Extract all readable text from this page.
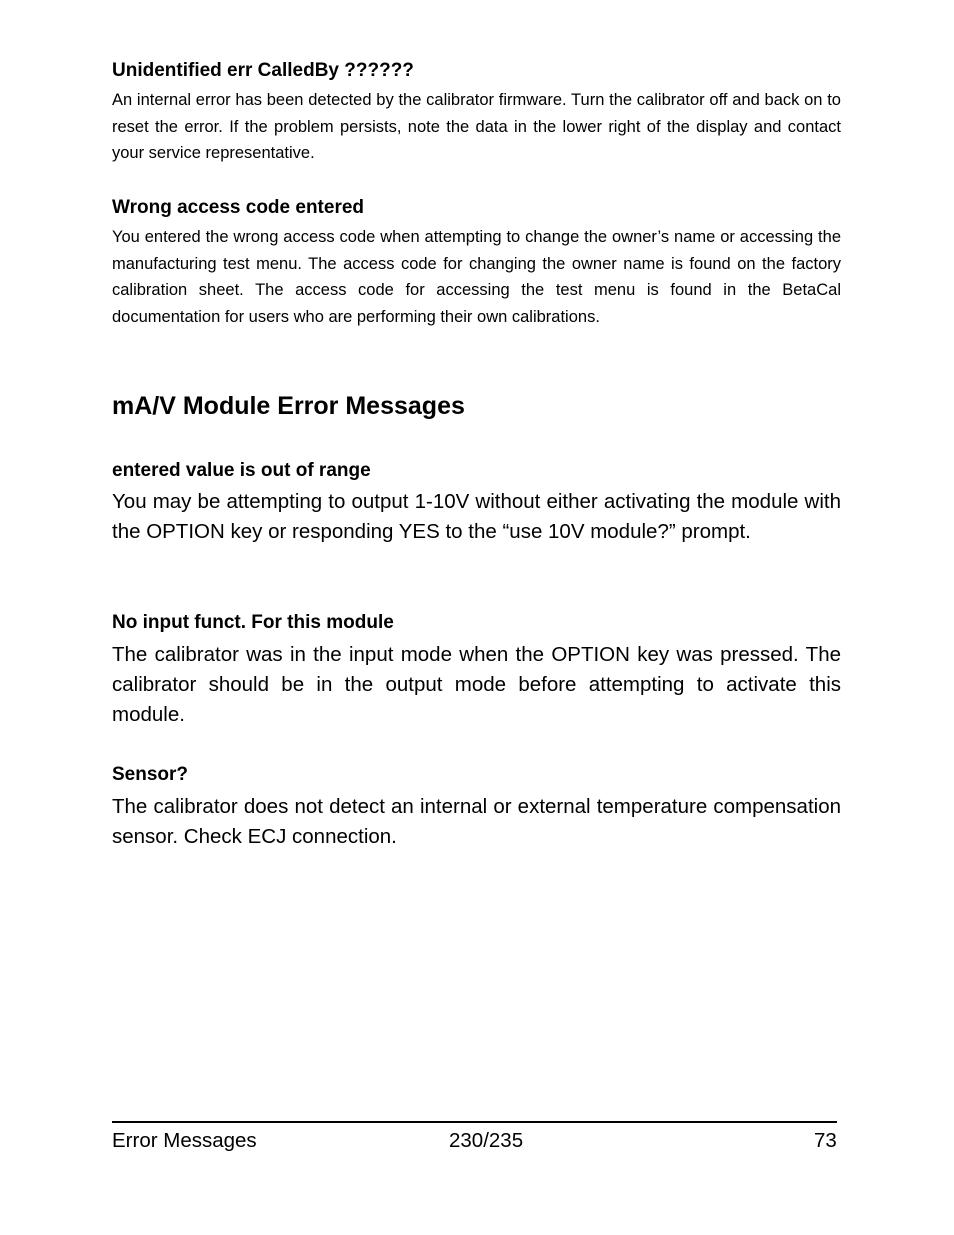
Unidentified err CalledBy ??????

An internal error has been detected by the calibrator firmware. Turn the calibrator off and back on to reset the error. If the problem persists, note the data in the lower right of the display and contact your service representative.

Wrong access code entered

You entered the wrong access code when attempting to change the owner’s name or accessing the manufacturing test menu. The access code for changing the owner name is found on the factory calibration sheet. The access code for accessing the test menu is found in the BetaCal documentation for users who are performing their own calibrations.

mA/V Module Error Messages

entered value is out of range

You may be attempting to output 1-10V without either activating the module with the OPTION key or responding YES to the “use 10V module?” prompt.

No input funct. For this module

The calibrator was in the input mode when the OPTION key was pressed. The calibrator should be in the output mode before attempting to activate this module.

Sensor?

The calibrator does not detect an internal or external temperature compensation sensor. Check ECJ connection.

Error Messages	230/235	73
